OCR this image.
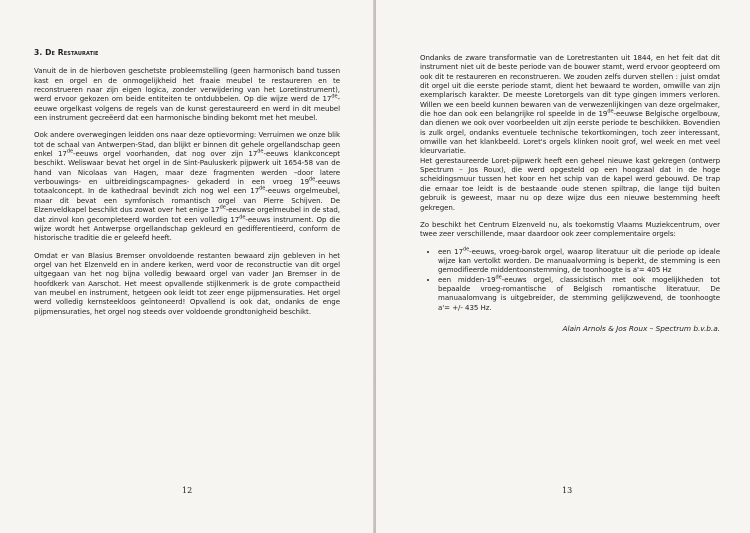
3. De Restauratie

Vanuit de in de hierboven geschetste probleemstelling (geen harmonisch band tussen kast en orgel en de onmogelijkheid het fraaie meubel te restaureren en te reconstrueren naar zijn eigen logica, zonder verwijdering van het Loretinstrument), werd ervoor gekozen om beide entiteiten te ontdubbelen. Op die wijze werd de 17de-eeuwe orgelkast volgens de regels van de kunst gerestaureerd en werd in dit meubel een instrument gecreëerd dat een harmonische binding bekomt met het meubel.

Ook andere overwegingen leidden ons naar deze optievorming: Verruimen we onze blik tot de schaal van Antwerpen-Stad, dan blijkt er binnen dit gehele orgellandschap geen enkel 17de-eeuws orgel voorhanden, dat nog over zijn 17de-eeuws klankconcept beschikt. Weliswaar bevat het orgel in de Sint-Pauluskerk pijpwerk uit 1654-58 van de hand van Nicolaas van Hagen, maar deze fragmenten werden –door latere verbouwings- en uitbreidingscampagnes- gekaderd in een vroeg 19de-eeuws totaalconcept. In de kathedraal bevindt zich nog wel een 17de-eeuws orgelmeubel, maar dit bevat een symfonisch romantisch orgel van Pierre Schijven. De Elzenveldkapel beschikt dus zowat over het enige 17de-eeuwse orgelmeubel in de stad, dat zinvol kon gecompleteerd worden tot een volledig 17de-eeuws instrument. Op die wijze wordt het Antwerpse orgellandschap gekleurd en gedifferentieerd, conform de historische traditie die er geleefd heeft.

Omdat er van Blasius Bremser onvoldoende restanten bewaard zijn gebleven in het orgel van het Elzenveld en in andere kerken, werd voor de reconstructie van dit orgel uitgegaan van het nog bijna volledig bewaard orgel van vader Jan Bremser in de hoofdkerk van Aarschot. Het meest opvallende stijlkenmerk is de grote compactheid van meubel en instrument, hetgeen ook leidt tot zeer enge pijpmensuraties. Het orgel werd volledig kernsteekloos geïntoneerd! Opvallend is ook dat, ondanks de enge pijpmensuraties, het orgel nog steeds over voldoende grondtonigheid beschikt.

12

Ondanks de zware transformatie van de Loretrestanten uit 1844, en het feit dat dit instrument niet uit de beste periode van de bouwer stamt, werd ervoor geopteerd om ook dit te restaureren en reconstrueren. We zouden zelfs durven stellen : juist omdat dit orgel uit die eerste periode stamt, dient het bewaard te worden, omwille van zijn exemplarisch karakter. De meeste Loretorgels van dit type gingen immers verloren. Willen we een beeld kunnen bewaren van de verwezenlijkingen van deze orgelmaker, die hoe dan ook een belangrijke rol speelde in de 19de-eeuwse Belgische orgelbouw, dan dienen we ook over voorbeelden uit zijn eerste periode te beschikken. Bovendien is zulk orgel, ondanks eventuele technische tekortkomingen, toch zeer interessant, omwille van het klankbeeld. Loret's orgels klinken nooit grof, wel week en met veel kleurvariatie.
Het gerestaureerde Loret-pijpwerk heeft een geheel nieuwe kast gekregen (ontwerp Spectrum – Jos Roux), die werd opgesteld op een hoogzaal dat in de hoge scheidingsmuur tussen het koor en het schip van de kapel werd gebouwd. De trap die ernaar toe leidt is de bestaande oude stenen spiltrap, die lange tijd buiten gebruik is geweest, maar nu op deze wijze dus een nieuwe bestemming heeft gekregen.

Zo beschikt het Centrum Elzenveld nu, als toekomstig Vlaams Muziekcentrum, over twee zeer verschillende, maar daardoor ook zeer complementaire orgels:

• een 17de-eeuws, vroeg-barok orgel, waarop literatuur uit die periode op ideale wijze kan vertolkt worden. De manuaalvorming is beperkt, de stemming is een gemodifieerde middentoonstemming, de toonhoogte is a'= 405 Hz
• een midden-19de-eeuws orgel, classicistisch met ook mogelijkheden tot bepaalde vroeg-romantische of Belgisch romantische literatuur. De manuaalomvang is uitgebreider, de stemming gelijkzwevend, de toonhoogte a'= +/- 435 Hz.
Alain Arnols & Jos Roux – Spectrum b.v.b.a.
13
